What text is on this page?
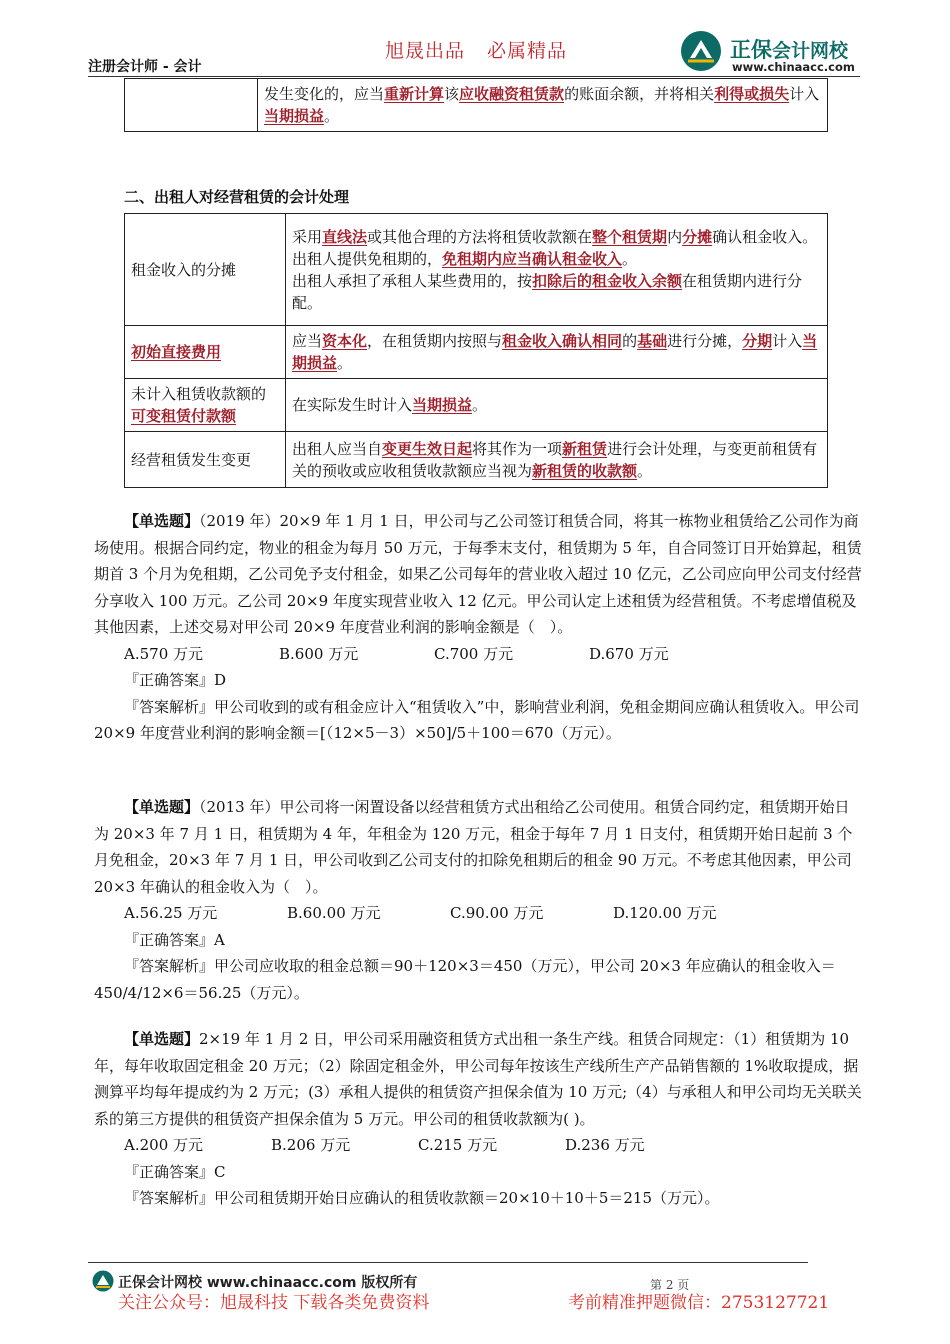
注册会计师 - 会计
旭晟出品 必属精品	正保会计网校
www.chinaacc.com
	发生变化的，应当重新计算该应收融资租赁款的账面余额，并将相关利得或损失计入当期损益。
二、出租人对经营租赁的会计处理
租金收入的分摊	采用直线法或其他合理的方法将租赁收款额在整个租赁期内分摊确认租金收入。
出租人提供免租期的，免租期内应当确认租金收入。
出租人承担了承租人某些费用的，按扣除后的租金收入余额在租赁期内进行分配。

初始直接费用	应当资本化，在租赁期内按照与租金收入确认相同的基础进行分摊，分期计入当期损益。
未计入租赁收款额的可变租赁付款额	在实际发生时计入当期损益。
经营租赁发生变更	出租人应当自变更生效日起将其作为一项新租赁进行会计处理，与变更前租赁有关的预收或应收租赁收款额应当视为新租赁的收款额。

【单选题】（2019 年）20×9 年 1 月 1 日，甲公司与乙公司签订租赁合同，将其一栋物业租赁给乙公司作为商场使用。根据合同约定，物业的租金为每月 50 万元，于每季末支付，租赁期为 5 年，自合同签订日开始算起，租赁期首 3 个月为免租期，乙公司免予支付租金，如果乙公司每年的营业收入超过 10 亿元，乙公司应向甲公司支付经营分享收入 100 万元。乙公司 20×9 年度实现营业收入 12 亿元。甲公司认定上述租赁为经营租赁。不考虑增值税及其他因素，上述交易对甲公司 20×9 年度营业利润的影响金额是（　）。

A.570 万元	B.600 万元	C.700 万元	D.670 万元

『正确答案』D

『答案解析』甲公司收到的或有租金应计入“租赁收入”中，影响营业利润，免租金期间应确认租赁收入。甲公司 20×9 年度营业利润的影响金额＝[（12×5－3）×50]/5＋100＝670（万元）。

【单选题】（2013 年）甲公司将一闲置设备以经营租赁方式出租给乙公司使用。租赁合同约定，租赁期开始日为 20×3 年 7 月 1 日，租赁期为 4 年，年租金为 120 万元，租金于每年 7 月 1 日支付，租赁期开始日起前 3 个月免租金，20×3 年 7 月 1 日，甲公司收到乙公司支付的扣除免租期后的租金 90 万元。不考虑其他因素，甲公司 20×3 年确认的租金收入为（　）。

A.56.25 万元	B.60.00 万元	C.90.00 万元	D.120.00 万元

『正确答案』A

『答案解析』甲公司应收取的租金总额＝90＋120×3＝450（万元），甲公司 20×3 年应确认的租金收入＝450/4/12×6＝56.25（万元）。

【单选题】2×19 年 1 月 2 日，甲公司采用融资租赁方式出租一条生产线。租赁合同规定：（1）租赁期为 10 年，每年收取固定租金 20 万元；（2）除固定租金外，甲公司每年按该生产线所生产产品销售额的 1%收取提成，据测算平均每年提成约为 2 万元；(3）承租人提供的租赁资产担保余值为 10 万元;（4）与承租人和甲公司均无关联关系的第三方提供的租赁资产担保余值为 5 万元。甲公司的租赁收款额为( )。

A.200 万元	B.206 万元	C.215 万元	D.236 万元

『正确答案』C

『答案解析』甲公司租赁期开始日应确认的租赁收款额＝20×10＋10＋5＝215（万元）。

正保会计网校 www.chinaacc.com 版权所有	第 2 页
关注公众号：旭晟科技 下载各类免费资料	考前精准押题微信：2753127721
